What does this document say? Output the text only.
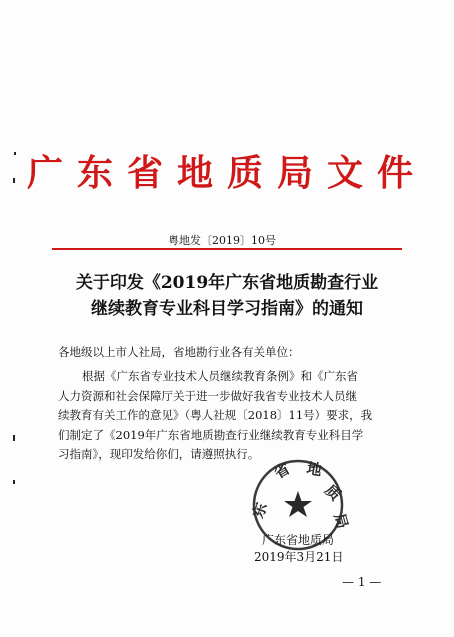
广东省地质局文件
粤地发〔2019〕10号
关于印发《2019年广东省地质勘查行业
继续教育专业科目学习指南》的通知
各地级以上市人社局，省地勘行业各有关单位：
根据《广东省专业技术人员继续教育条例》和《广东省
人力资源和社会保障厅关于进一步做好我省专业技术人员继
续教育有关工作的意见》（粤人社规〔2018〕11号）要求，我
们制定了《2019年广东省地质勘查行业继续教育专业科目学
习指南》，现印发给你们，请遵照执行。
东
省 地
质
局
广东省地质局
2019年3月21日
— 1 —
